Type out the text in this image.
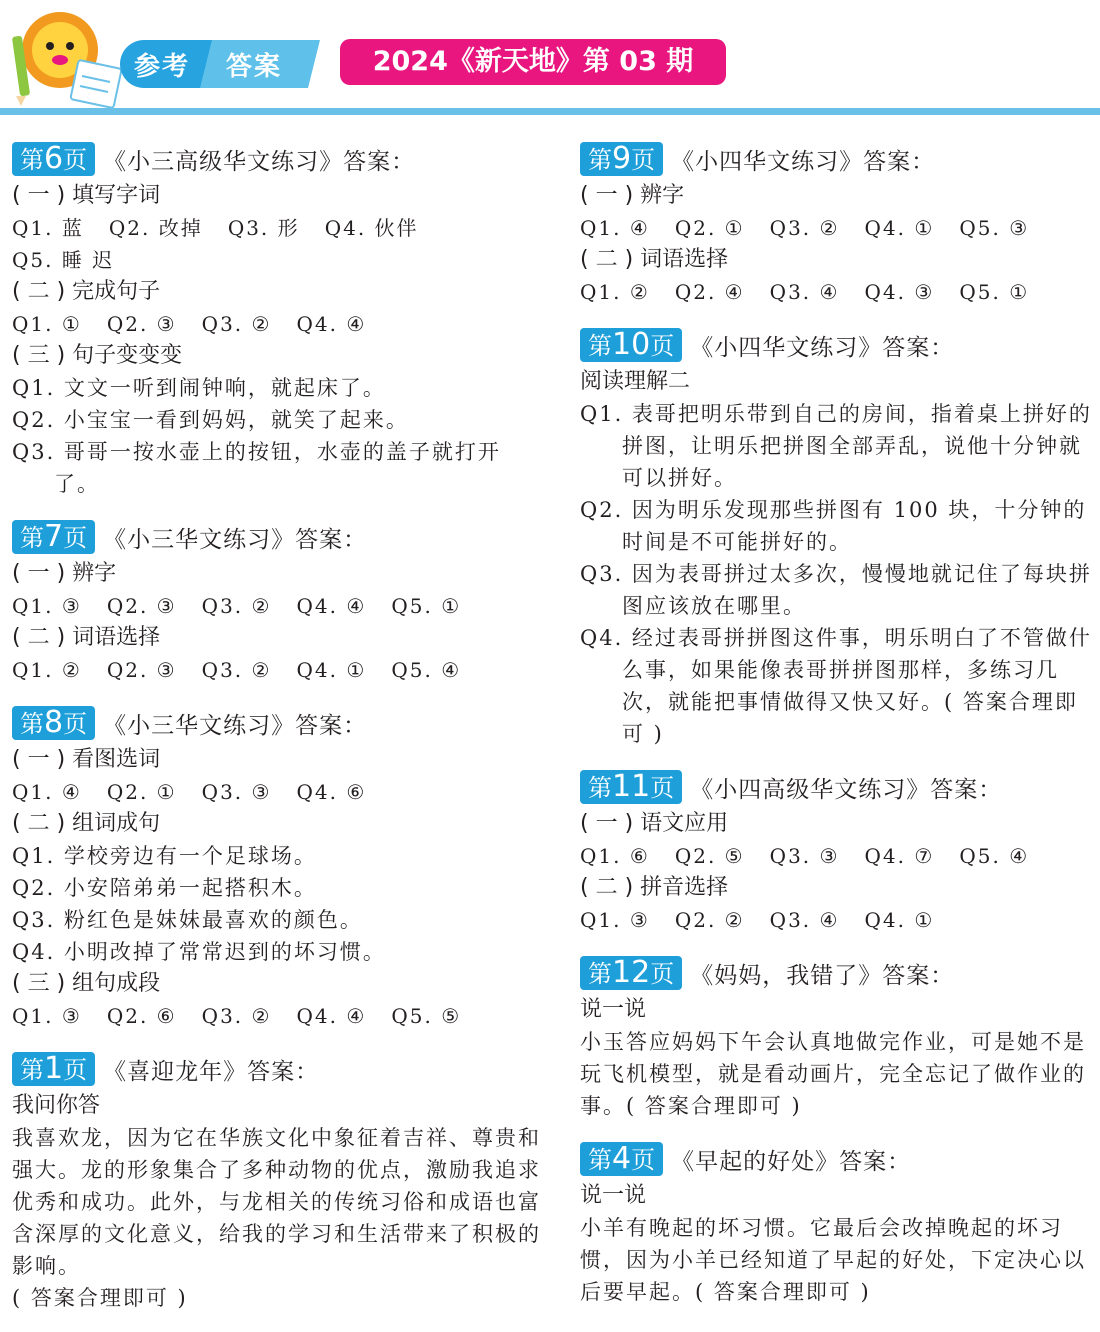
参考 答案	2024《新天地》第 03 期
第6页 《小三高级华文练习》答案：
( 一 ) 填写字词
Q1. 蓝   Q2. 改掉   Q3. 形   Q4. 伙伴
Q5. 睡 迟
( 二 ) 完成句子
Q1. ①   Q2. ③   Q3. ②   Q4. ④
( 三 ) 句子变变变
Q1. 文文一听到闹钟响，就起床了。
Q2. 小宝宝一看到妈妈，就笑了起来。
Q3. 哥哥一按水壶上的按钮，水壶的盖子就打开了。
第7页 《小三华文练习》答案：
( 一 ) 辨字
Q1. ③   Q2. ③   Q3. ②   Q4. ④   Q5. ①
( 二 ) 词语选择
Q1. ②   Q2. ③   Q3. ②   Q4. ①   Q5. ④
第8页 《小三华文练习》答案：
( 一 ) 看图选词
Q1. ④   Q2. ①   Q3. ③   Q4. ⑥
( 二 ) 组词成句
Q1. 学校旁边有一个足球场。
Q2. 小安陪弟弟一起搭积木。
Q3. 粉红色是妹妹最喜欢的颜色。
Q4. 小明改掉了常常迟到的坏习惯。
( 三 ) 组句成段
Q1. ③   Q2. ⑥   Q3. ②   Q4. ④   Q5. ⑤
第1页 《喜迎龙年》答案：
我问你答
我喜欢龙，因为它在华族文化中象征着吉祥、尊贵和强大。龙的形象集合了多种动物的优点，激励我追求优秀和成功。此外，与龙相关的传统习俗和成语也富含深厚的文化意义，给我的学习和生活带来了积极的影响。
( 答案合理即可 )
第9页 《小四华文练习》答案：
( 一 ) 辨字
Q1. ④   Q2. ①   Q3. ②   Q4. ①   Q5. ③
( 二 ) 词语选择
Q1. ②   Q2. ④   Q3. ④   Q4. ③   Q5. ①
第10页 《小四华文练习》答案：
阅读理解二
Q1. 表哥把明乐带到自己的房间，指着桌上拼好的拼图，让明乐把拼图全部弄乱，说他十分钟就可以拼好。
Q2. 因为明乐发现那些拼图有 100 块，十分钟的时间是不可能拼好的。
Q3. 因为表哥拼过太多次，慢慢地就记住了每块拼图应该放在哪里。
Q4. 经过表哥拼拼图这件事，明乐明白了不管做什么事，如果能像表哥拼拼图那样，多练习几次，就能把事情做得又快又好。( 答案合理即可 )
第11页 《小四高级华文练习》答案：
( 一 ) 语文应用
Q1. ⑥   Q2. ⑤   Q3. ③   Q4. ⑦   Q5. ④
( 二 ) 拼音选择
Q1. ③   Q2. ②   Q3. ④   Q4. ①
第12页 《妈妈，我错了》答案：
说一说
小玉答应妈妈下午会认真地做完作业，可是她不是玩飞机模型，就是看动画片，完全忘记了做作业的事。( 答案合理即可 )
第4页 《早起的好处》答案：
说一说
小羊有晚起的坏习惯。它最后会改掉晚起的坏习惯，因为小羊已经知道了早起的好处，下定决心以后要早起。( 答案合理即可 )
